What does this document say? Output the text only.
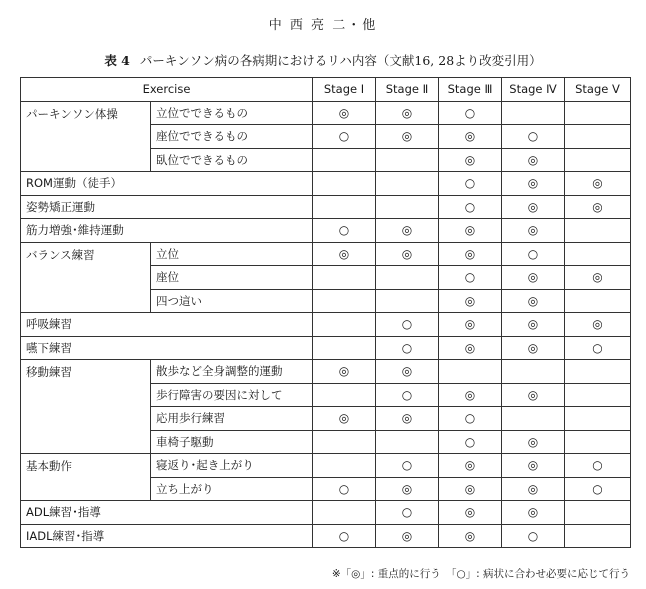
中 西 亮 二・他
表 4 パーキンソン病の各病期におけるリハ内容（文献16, 28より改変引用）
Exercise		Stage Ⅰ	Stage Ⅱ	Stage Ⅲ	Stage Ⅳ	Stage Ⅴ
パーキンソン体操	立位でできるもの	◎	◎	○		
	座位でできるもの	○	◎	◎	○	
	臥位でできるもの			◎	◎	
ROM運動（徒手）				○	◎	◎
姿勢矯正運動				○	◎	◎
筋力増強･維持運動		○	◎	◎	◎	
バランス練習	立位	◎	◎	◎	○	
	座位			○	◎	◎
	四つ這い			◎	◎	
呼吸練習			○	◎	◎	◎
嚥下練習			○	◎	◎	○
移動練習	散歩など全身調整的運動	◎	◎			
	歩行障害の要因に対して		○	◎	◎	
	応用歩行練習	◎	◎	○		
	車椅子駆動			○	◎	
基本動作	寝返り･起き上がり		○	◎	◎	○
	立ち上がり	○	◎	◎	◎	○
ADL練習･指導			○	◎	◎	
IADL練習･指導		○	◎	◎	○	
※「◎」: 重点的に行う　「○」: 病状に合わせ必要に応じて行う
